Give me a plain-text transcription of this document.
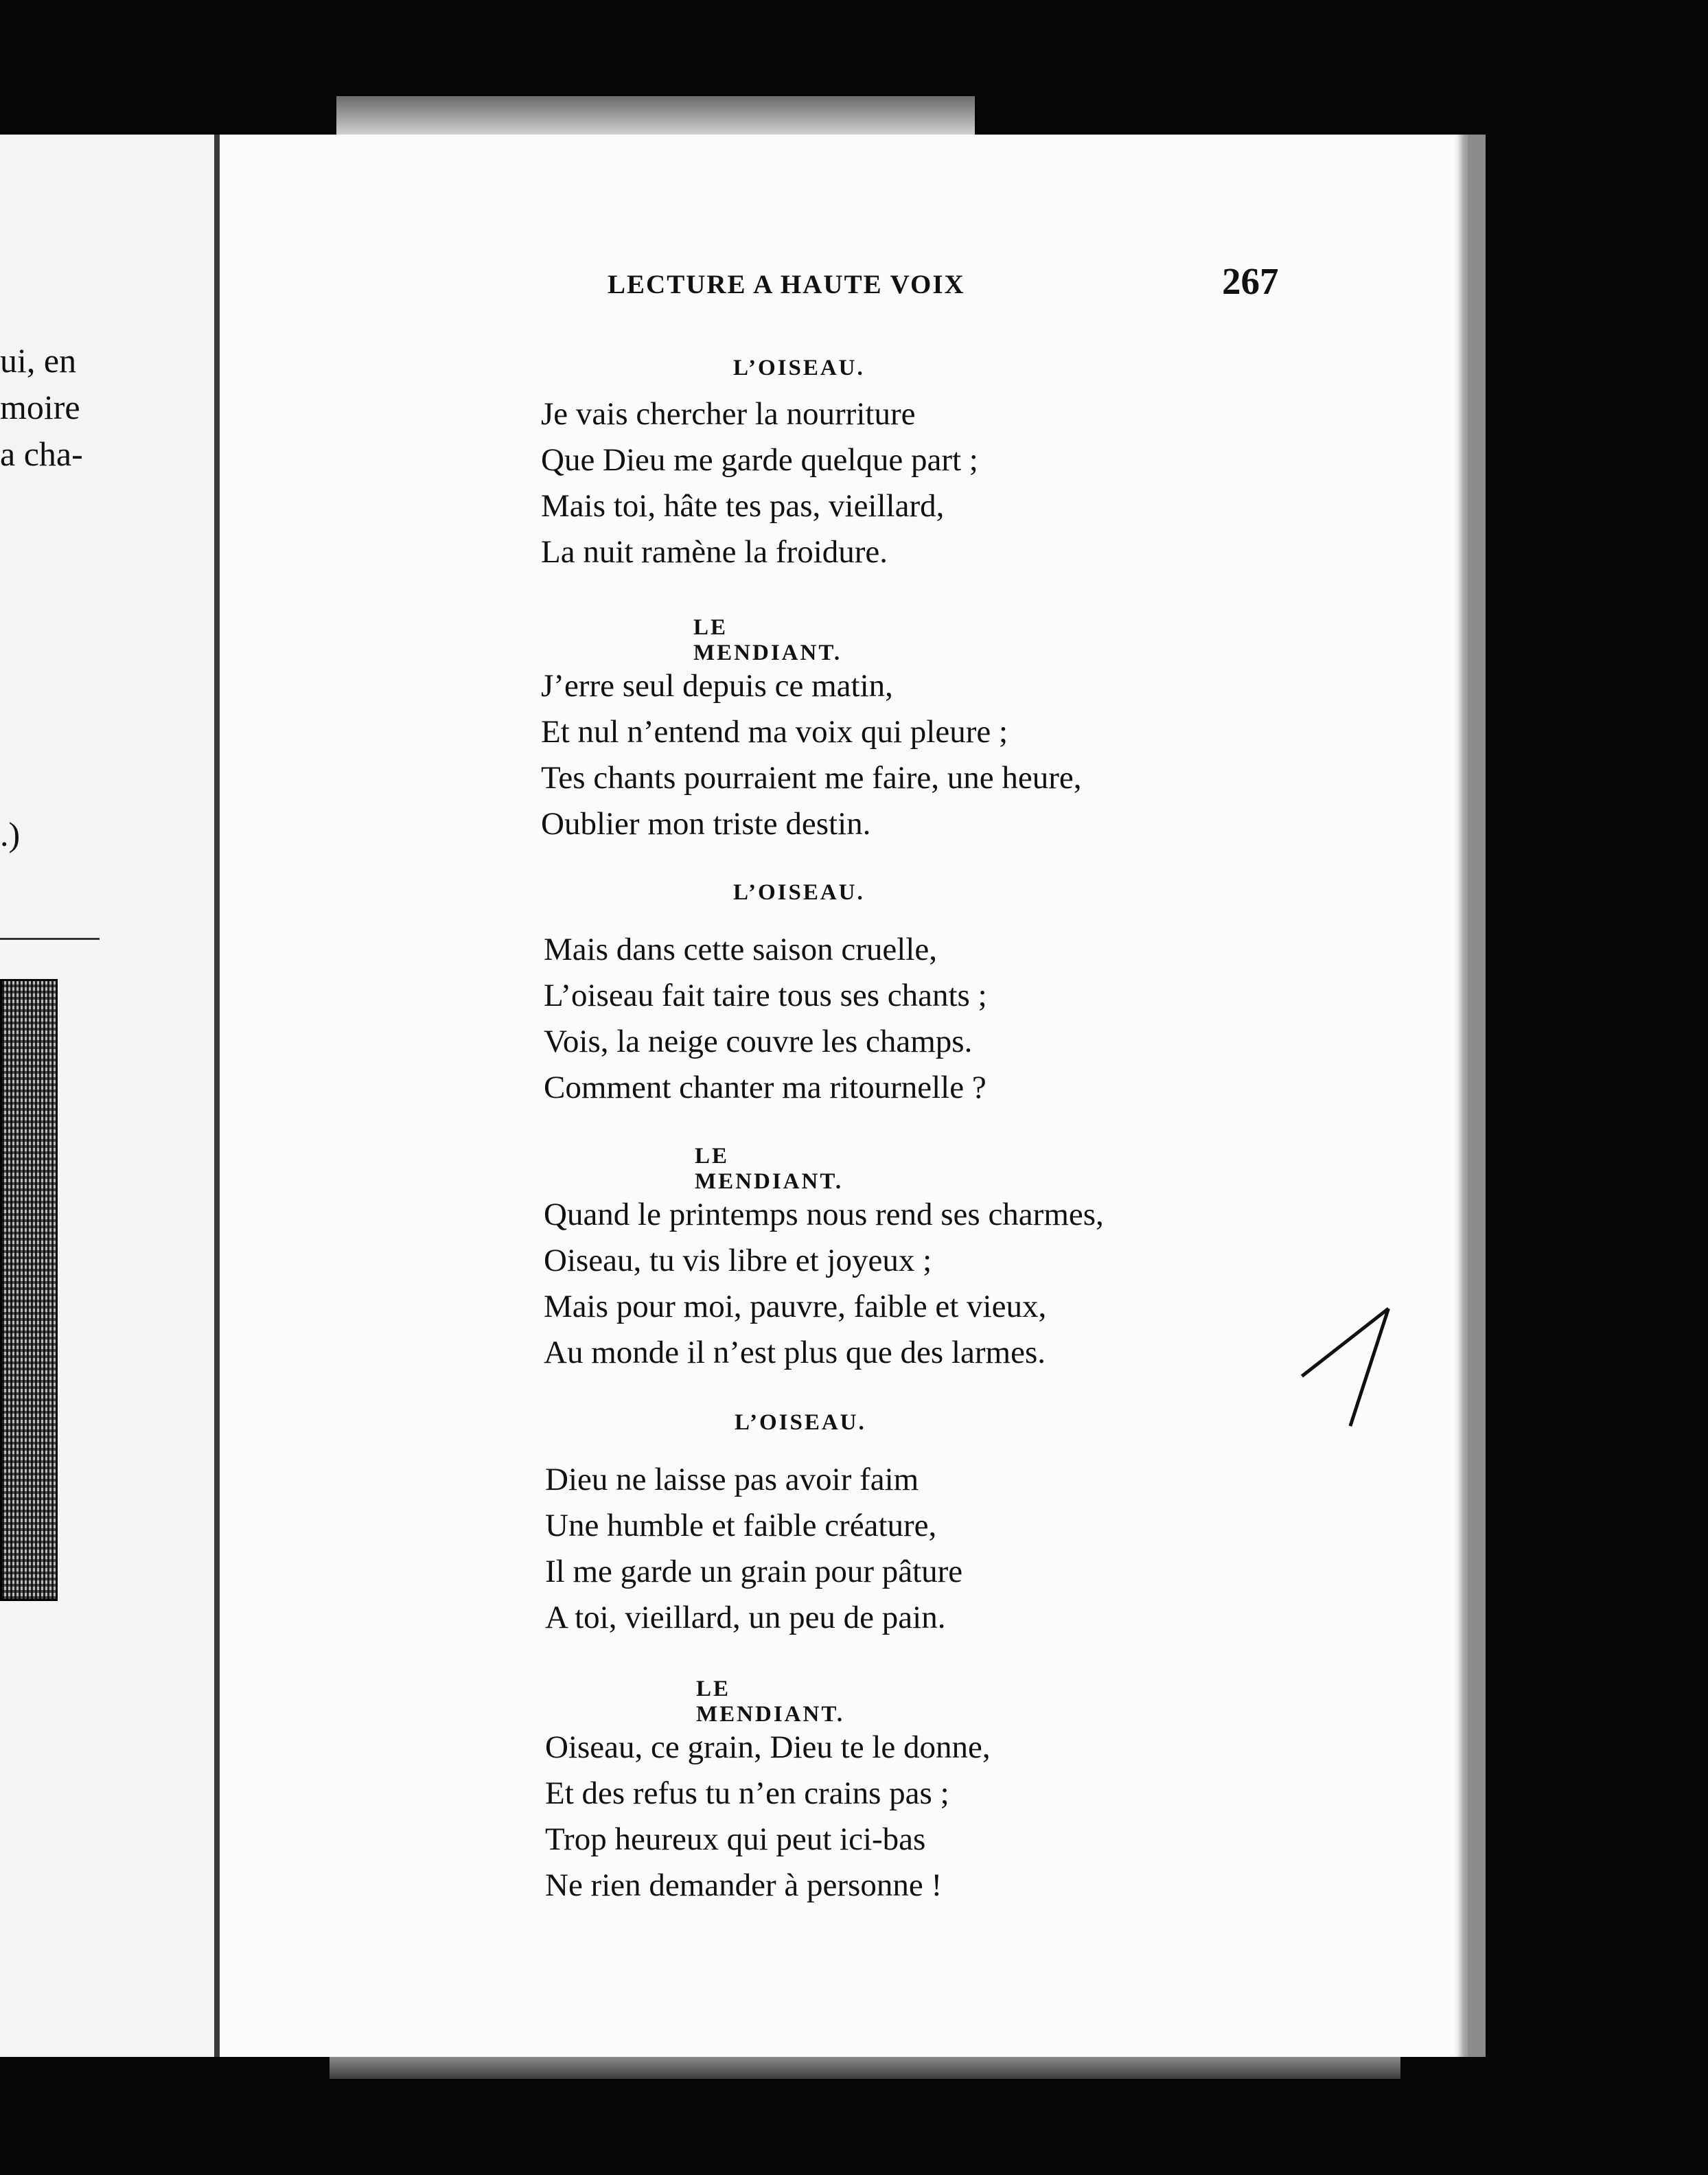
ui, en
moire
a cha-
.)
LECTURE A HAUTE VOIX	267
L’OISEAU.
Je vais chercher la nourriture
Que Dieu me garde quelque part ;
Mais toi, hâte tes pas, vieillard,
La nuit ramène la froidure.
LE MENDIANT.
J’erre seul depuis ce matin,
Et nul n’entend ma voix qui pleure ;
Tes chants pourraient me faire, une heure,
Oublier mon triste destin.
L’OISEAU.
Mais dans cette saison cruelle,
L’oiseau fait taire tous ses chants ;
Vois, la neige couvre les champs.
Comment chanter ma ritournelle ?
LE MENDIANT.
Quand le printemps nous rend ses charmes,
Oiseau, tu vis libre et joyeux ;
Mais pour moi, pauvre, faible et vieux,
Au monde il n’est plus que des larmes.
L’OISEAU.
Dieu ne laisse pas avoir faim
Une humble et faible créature,
Il me garde un grain pour pâture
A toi, vieillard, un peu de pain.
LE MENDIANT.
Oiseau, ce grain, Dieu te le donne,
Et des refus tu n’en crains pas ;
Trop heureux qui peut ici-bas
Ne rien demander à personne !
